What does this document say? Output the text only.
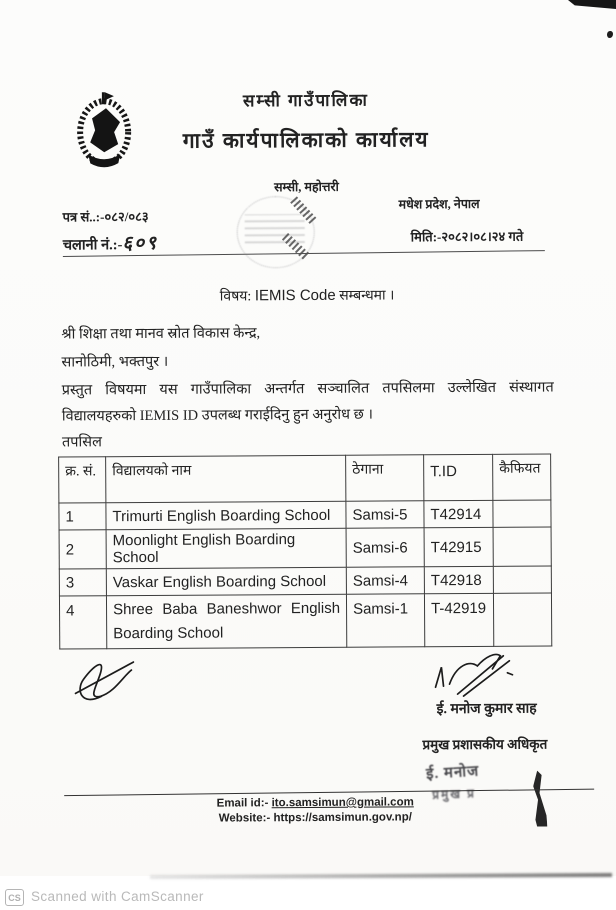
सम्सी गाउँपालिका
गाउँ कार्यपालिकाको कार्यालय
सम्सी, महोत्तरी
मधेश प्रदेश, नेपाल
पत्र सं..:-०८२/०८३
चलानी नं.:-६०९	मिति:-२०८२।०८।२४ गते
विषय: IEMIS Code सम्बन्धमा ।
श्री शिक्षा तथा मानव स्रोत विकास केन्द्र,
सानोठिमी, भक्तपुर ।
प्रस्तुत विषयमा यस गाउँपालिका अन्तर्गत सञ्चालित तपसिलमा उल्लेखित संस्थागत विद्यालयहरुको IEMIS ID उपलब्ध गराईदिनु हुन अनुरोध छ ।
तपसिल
क्र. सं.	विद्यालयको नाम	ठेगाना	T.ID	कैफियत
1	Trimurti English Boarding School	Samsi-5	T42914	
2	Moonlight English Boarding School	Samsi-6	T42915	
3	Vaskar English Boarding School	Samsi-4	T42918	
4	Shree Baba Baneshwor English Boarding School	Samsi-1	T-42919	
ई. मनोज कुमार साह
प्रमुख प्रशासकीय अधिकृत
ई. मनोज
प्रमुख प्र
Email id:- ito.samsimun@gmail.com
Website:- https://samsimun.gov.np/
CS Scanned with CamScanner
